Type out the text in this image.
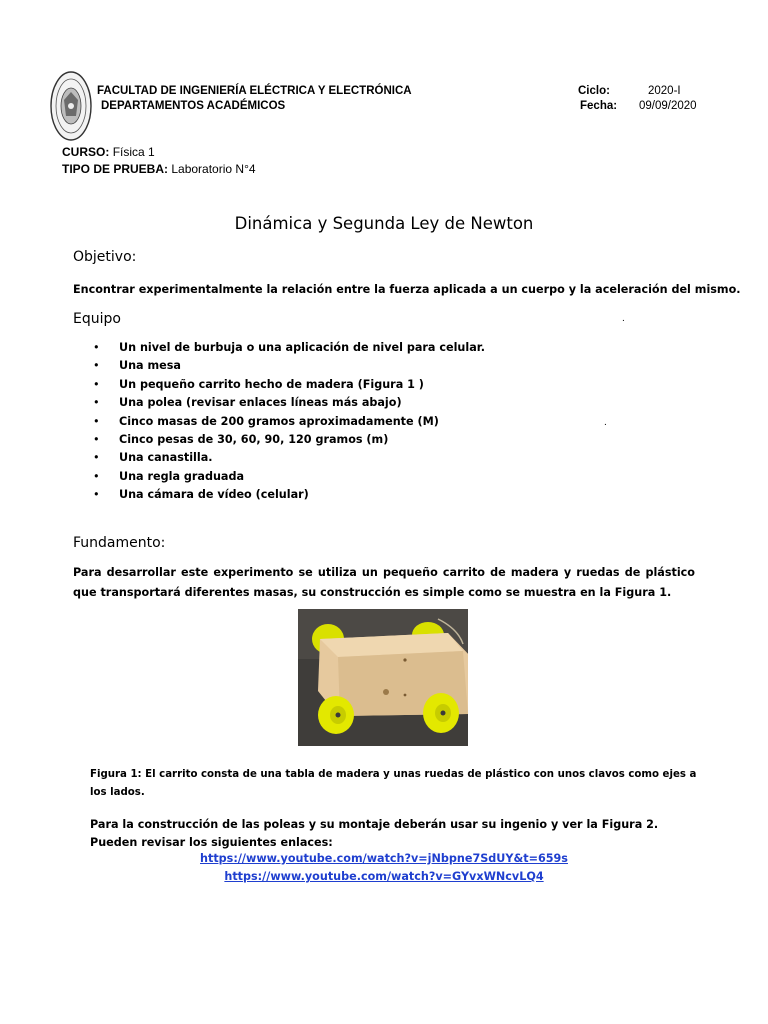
FACULTAD DE INGENIERÍA ELÉCTRICA Y ELECTRÓNICA
DEPARTAMENTOS ACADÉMICOS
Ciclo:	2020-I
Fecha: 09/09/2020
CURSO: Física 1
TIPO DE PRUEBA: Laboratorio N°4
Dinámica y Segunda Ley de Newton
Objetivo:
Encontrar experimentalmente la relación entre la fuerza aplicada a un cuerpo y la aceleración del mismo.
Equipo	.
• Un nivel de burbuja o una aplicación de nivel para celular.
• Una mesa
• Un pequeño carrito hecho de madera (Figura 1 )
• Una polea (revisar enlaces líneas más abajo)
• Cinco masas de 200 gramos aproximadamente (M)
• Cinco pesas de 30, 60, 90, 120 gramos (m)
• Una canastilla.
• Una regla graduada
• Una cámara de vídeo (celular)
.
Fundamento:
Para desarrollar este experimento se utiliza un pequeño carrito de madera y ruedas de plástico que transportará diferentes masas, su construcción es simple como se muestra en la Figura 1.
Figura 1: El carrito consta de una tabla de madera y unas ruedas de plástico con unos clavos como ejes a los lados.
Para la construcción de las poleas y su montaje deberán usar su ingenio y ver la Figura 2. Pueden revisar los siguientes enlaces:
https://www.youtube.com/watch?v=jNbpne7SdUY&t=659s
https://www.youtube.com/watch?v=GYvxWNcvLQ4
